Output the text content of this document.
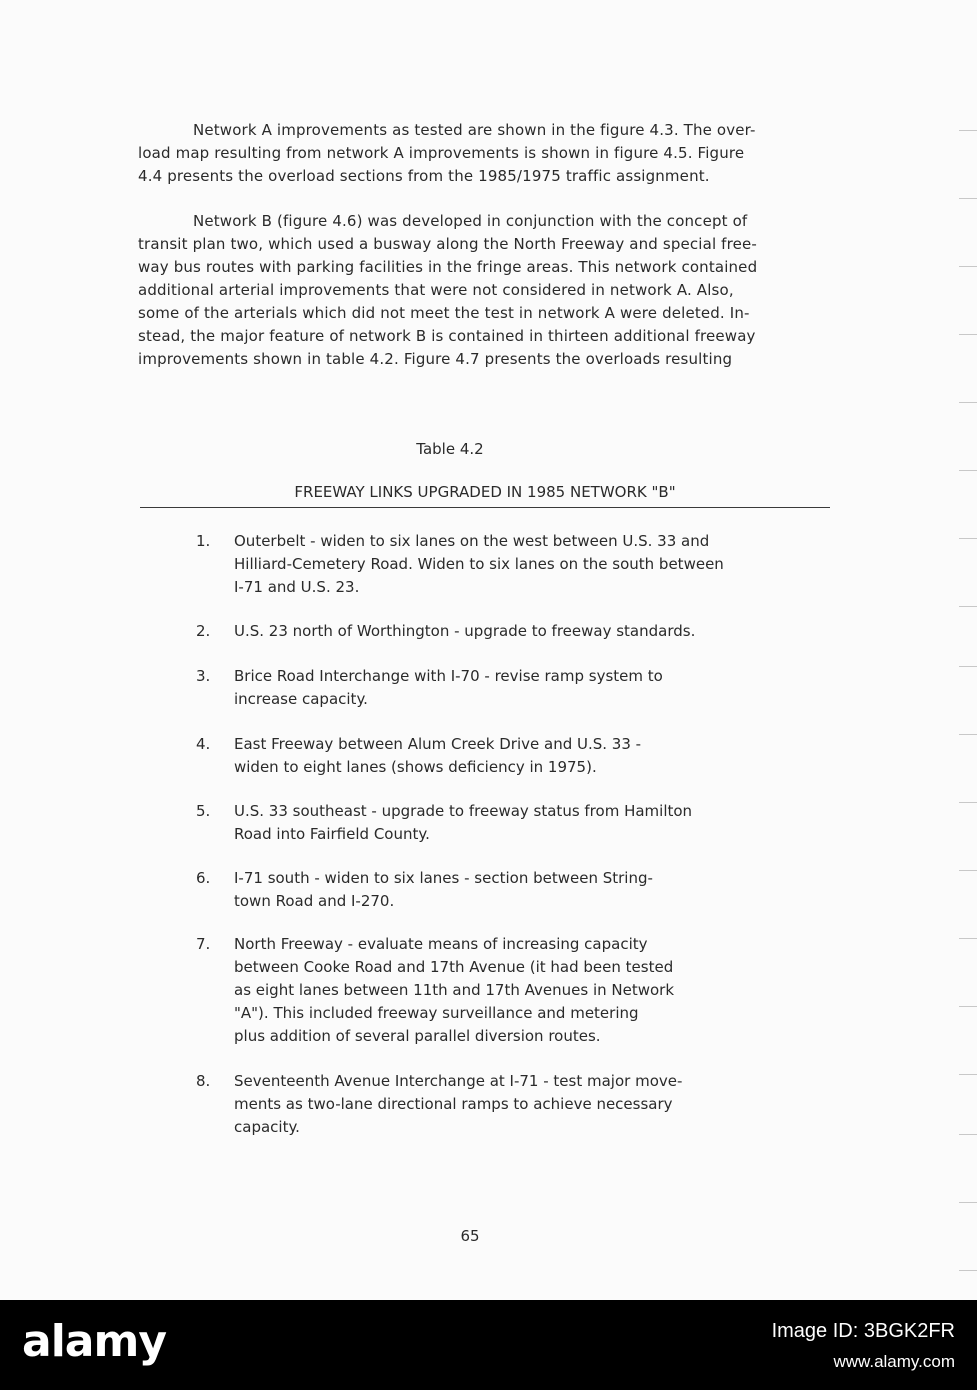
Network A improvements as tested are shown in the figure 4.3. The over-
load map resulting from network A improvements is shown in figure 4.5. Figure
4.4 presents the overload sections from the 1985/1975 traffic assignment.

Network B (figure 4.6) was developed in conjunction with the concept of
transit plan two, which used a busway along the North Freeway and special free-
way bus routes with parking facilities in the fringe areas. This network contained
additional arterial improvements that were not considered in network A. Also,
some of the arterials which did not meet the test in network A were deleted. In-
stead, the major feature of network B is contained in thirteen additional freeway
improvements shown in table 4.2. Figure 4.7 presents the overloads resulting

Table 4.2
FREEWAY LINKS UPGRADED IN 1985 NETWORK "B"
1.	Outerbelt - widen to six lanes on the west between U.S. 33 and
Hilliard-Cemetery Road. Widen to six lanes on the south between
I-71 and U.S. 23.
2.	U.S. 23 north of Worthington - upgrade to freeway standards.
3.	Brice Road Interchange with I-70 - revise ramp system to
increase capacity.
4.	East Freeway between Alum Creek Drive and U.S. 33 -
widen to eight lanes (shows deficiency in 1975).
5.	U.S. 33 southeast - upgrade to freeway status from Hamilton
Road into Fairfield County.
6.	I-71 south - widen to six lanes - section between String-
town Road and I-270.
7.	North Freeway - evaluate means of increasing capacity
between Cooke Road and 17th Avenue (it had been tested
as eight lanes between 11th and 17th Avenues in Network
"A"). This included freeway surveillance and metering
plus addition of several parallel diversion routes.
8.	Seventeenth Avenue Interchange at I-71 - test major move-
ments as two-lane directional ramps to achieve necessary
capacity.
65
alamy	Image ID: 3BGK2FR
www.alamy.com
